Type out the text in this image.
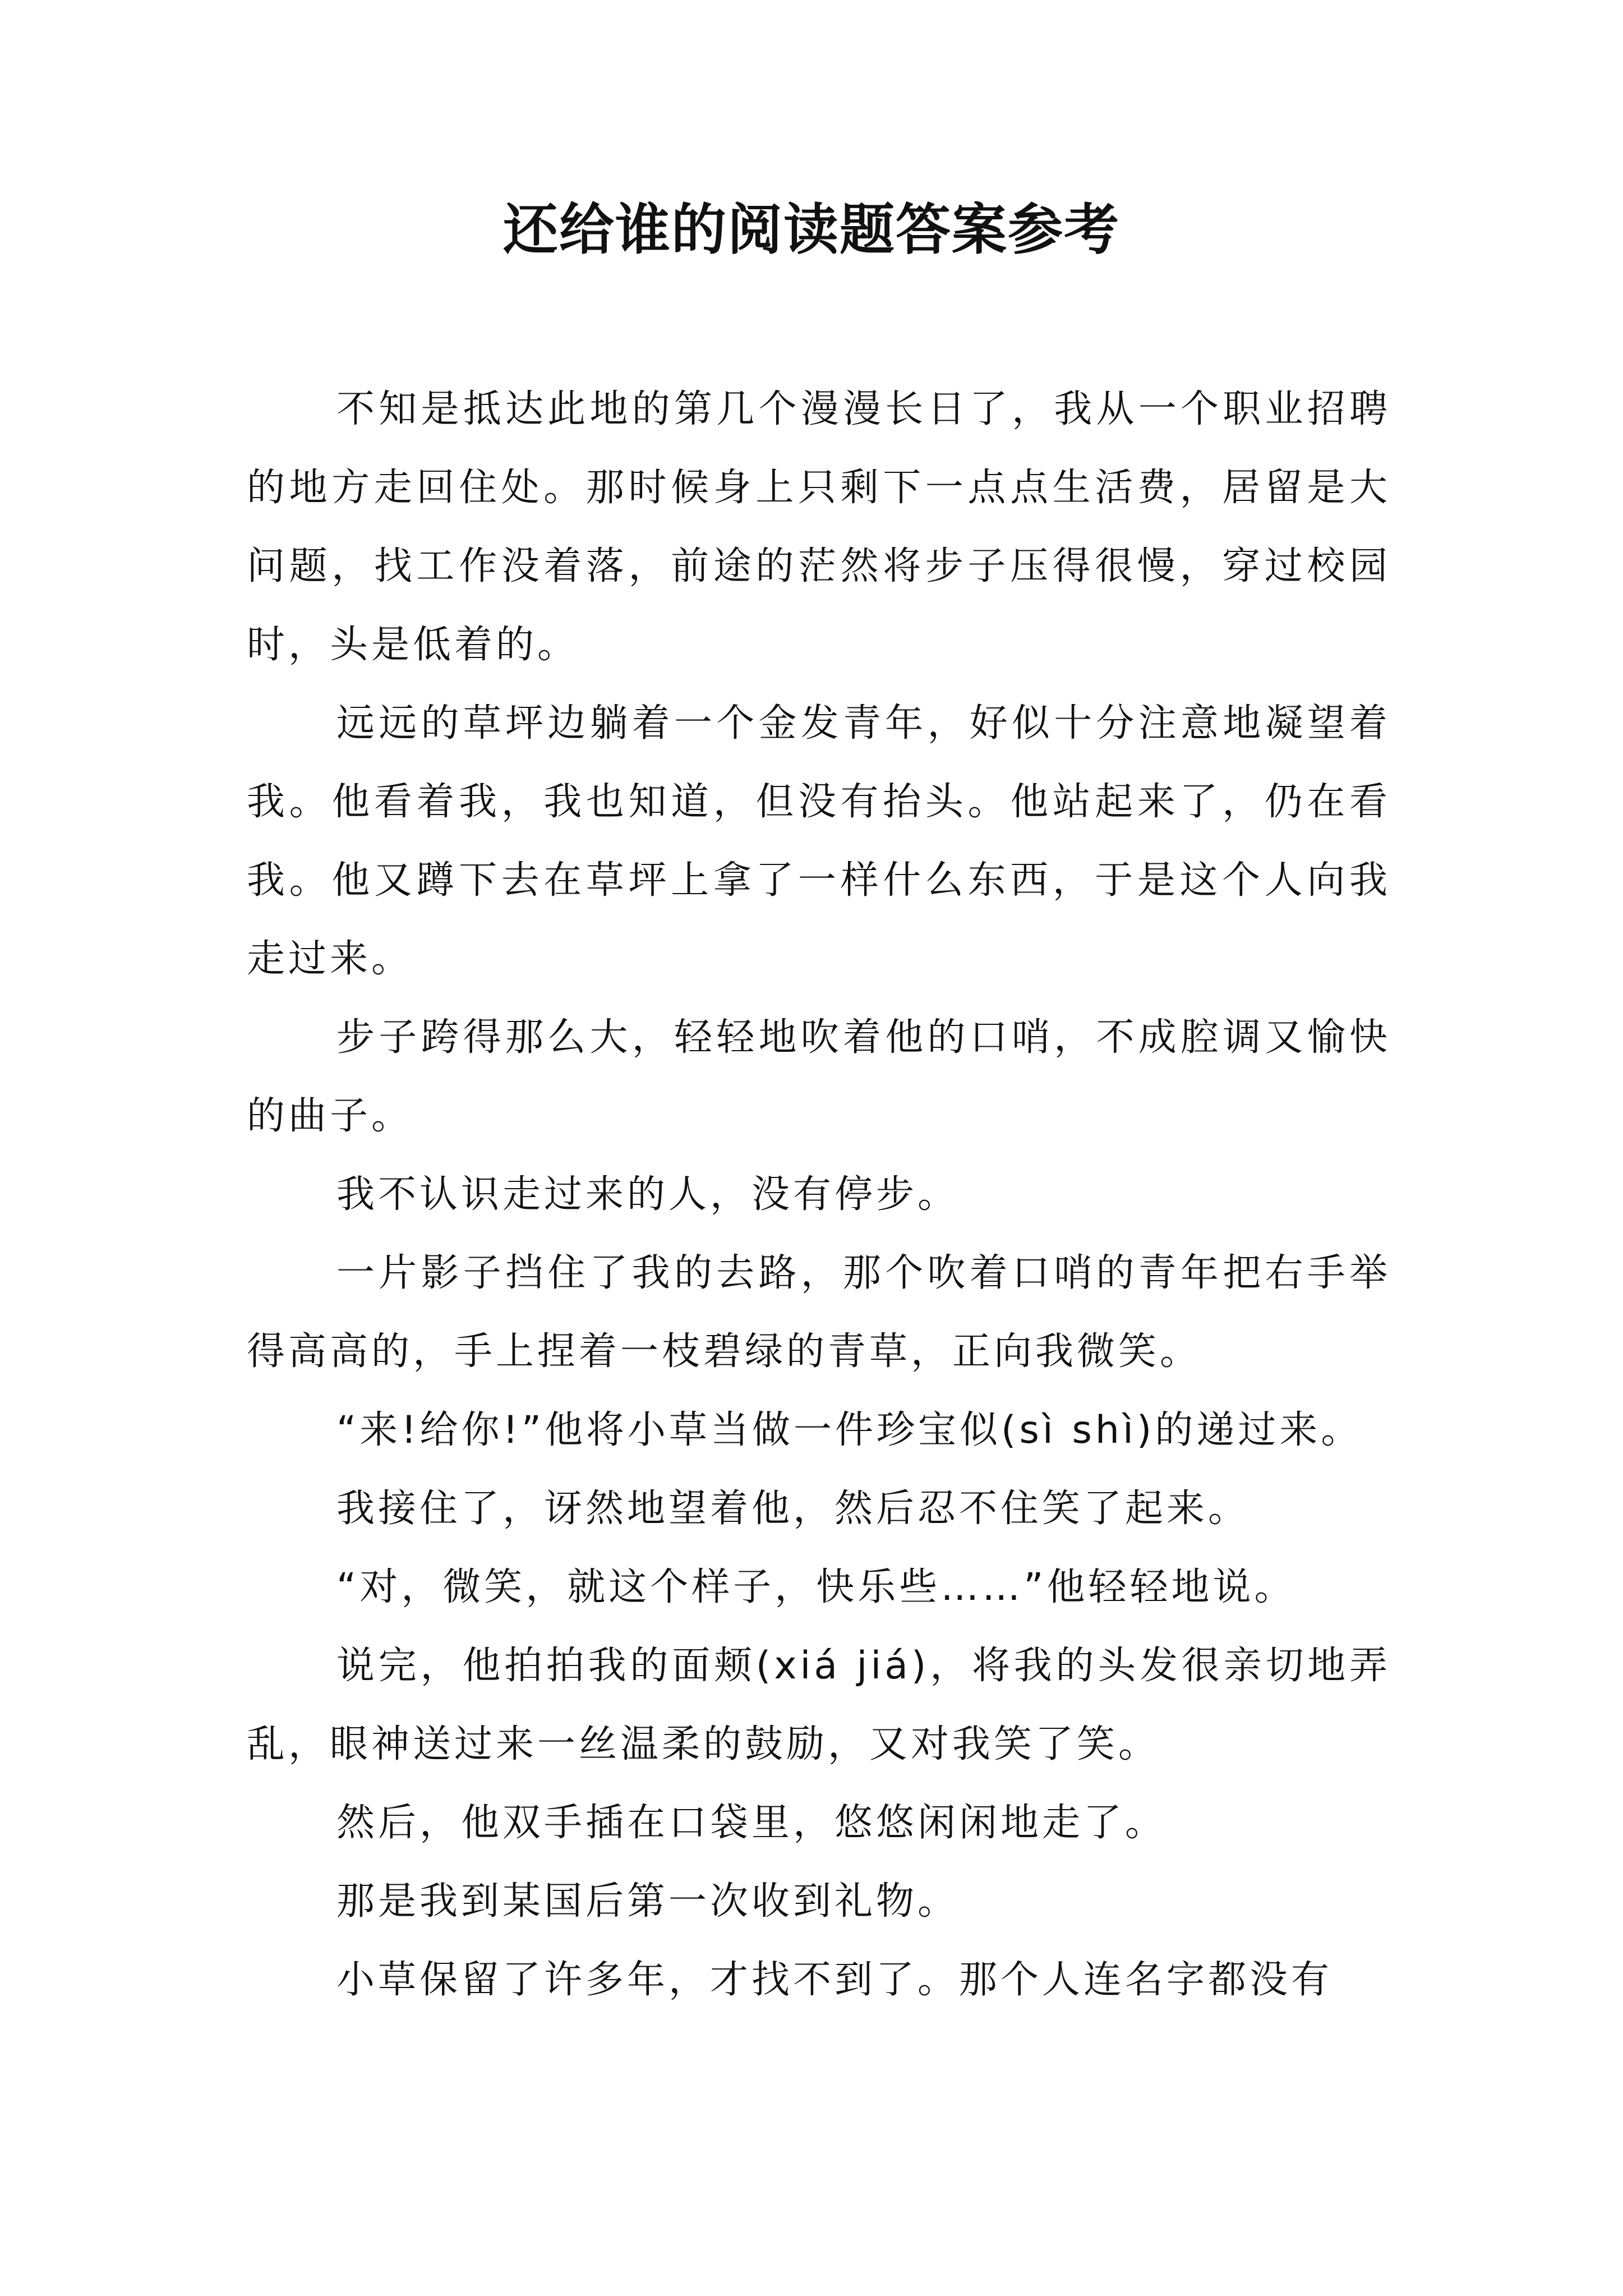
还给谁的阅读题答案参考

不知是抵达此地的第几个漫漫长日了，我从一个职业招聘的地方走回住处。那时候身上只剩下一点点生活费，居留是大问题，找工作没着落，前途的茫然将步子压得很慢，穿过校园时，头是低着的。

远远的草坪边躺着一个金发青年，好似十分注意地凝望着我。他看着我，我也知道，但没有抬头。他站起来了，仍在看我。他又蹲下去在草坪上拿了一样什么东西，于是这个人向我走过来。

步子跨得那么大，轻轻地吹着他的口哨，不成腔调又愉快的曲子。

我不认识走过来的人，没有停步。

一片影子挡住了我的去路，那个吹着口哨的青年把右手举得高高的，手上捏着一枝碧绿的青草，正向我微笑。

“来!给你!”他将小草当做一件珍宝似(sì shì)的递过来。

我接住了，讶然地望着他，然后忍不住笑了起来。

“对，微笑，就这个样子，快乐些……”他轻轻地说。

说完，他拍拍我的面颊(xiá jiá)，将我的头发很亲切地弄乱，眼神送过来一丝温柔的鼓励，又对我笑了笑。

然后，他双手插在口袋里，悠悠闲闲地走了。

那是我到某国后第一次收到礼物。

小草保留了许多年，才找不到了。那个人连名字都没有
